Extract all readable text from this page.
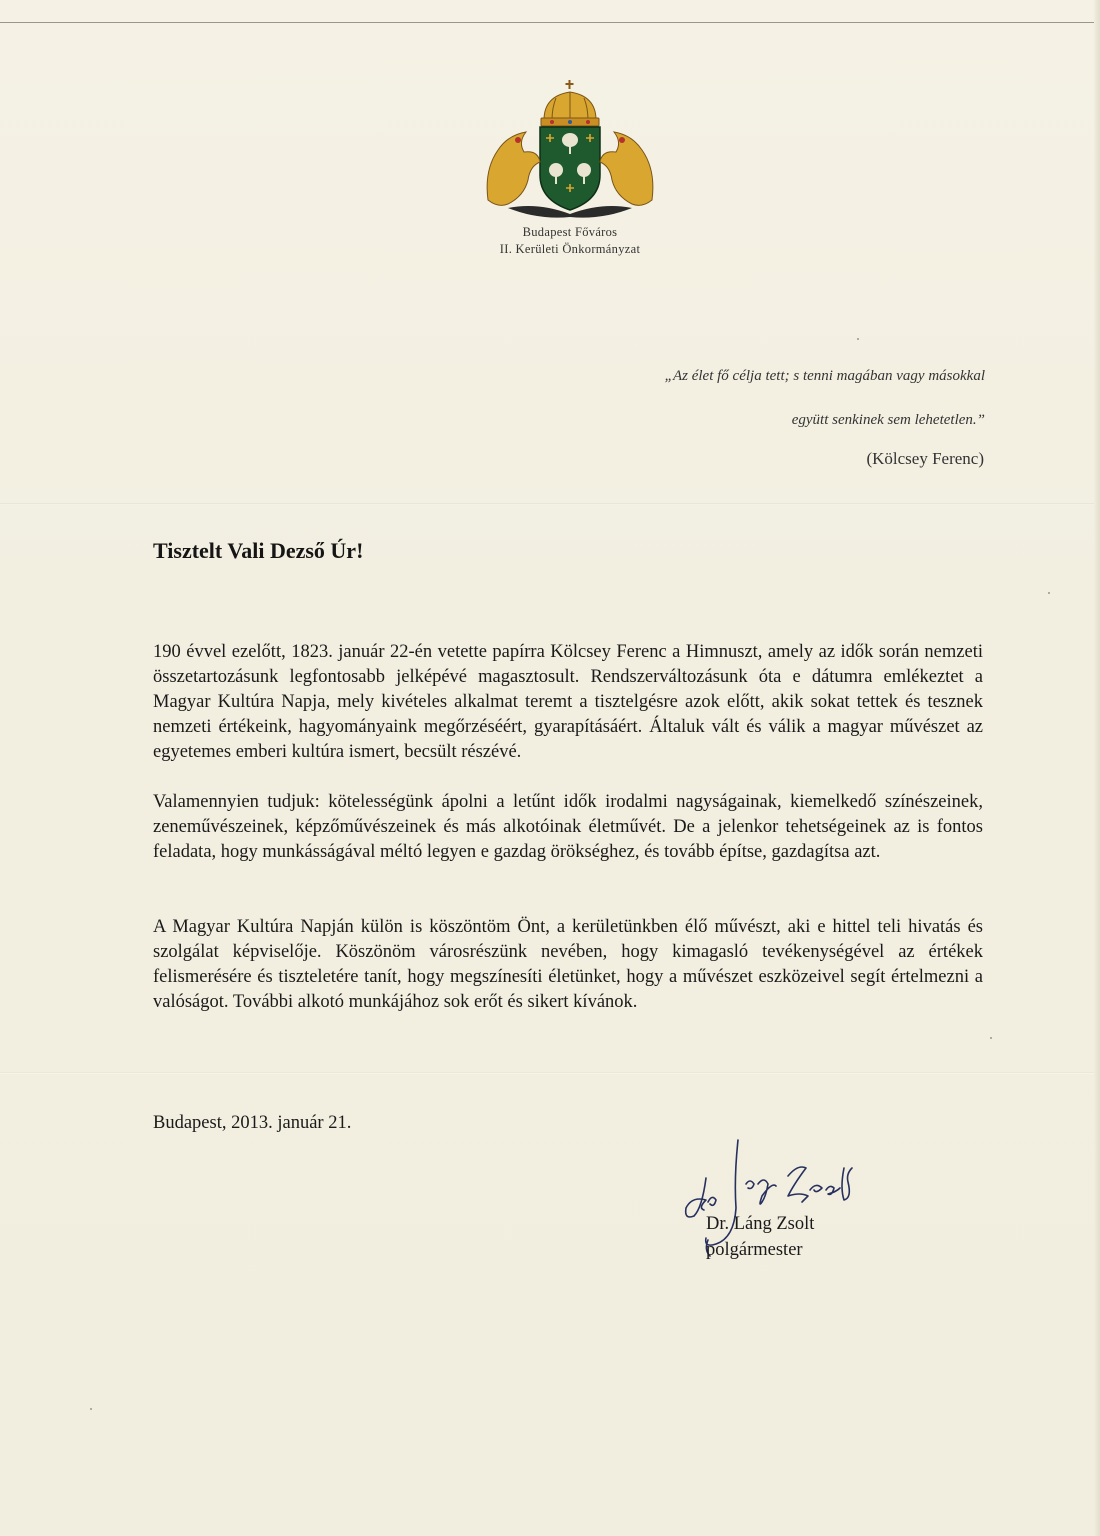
Budapest Főváros
II. Kerületi Önkormányzat
„Az élet fő célja tett; s tenni magában vagy másokkal
együtt senkinek sem lehetetlen.”
(Kölcsey Ferenc)
Tisztelt Vali Dezső Úr!
190 évvel ezelőtt, 1823. január 22-én vetette papírra Kölcsey Ferenc a Himnuszt, amely az idők során nemzeti összetartozásunk legfontosabb jelképévé magasztosult. Rendszerváltozásunk óta e dátumra emlékeztet a Magyar Kultúra Napja, mely kivételes alkalmat teremt a tisztelgésre azok előtt, akik sokat tettek és tesznek nemzeti értékeink, hagyományaink megőrzéséért, gyarapításáért. Általuk vált és válik a magyar művészet az egyetemes emberi kultúra ismert, becsült részévé.
Valamennyien tudjuk: kötelességünk ápolni a letűnt idők irodalmi nagyságainak, kiemelkedő színészeinek, zeneművészeinek, képzőművészeinek és más alkotóinak életművét. De a jelenkor tehetségeinek az is fontos feladata, hogy munkásságával méltó legyen e gazdag örökséghez, és tovább építse, gazdagítsa azt.
A Magyar Kultúra Napján külön is köszöntöm Önt, a kerületünkben élő művészt, aki e hittel teli hivatás és szolgálat képviselője. Köszönöm városrészünk nevében, hogy kimagasló tevékenységével az értékek felismerésére és tiszteletére tanít, hogy megszínesíti életünket, hogy a művészet eszközeivel segít értelmezni a valóságot. További alkotó munkájához sok erőt és sikert kívánok.
Budapest, 2013. január 21.
Dr. Láng Zsolt
polgármester
